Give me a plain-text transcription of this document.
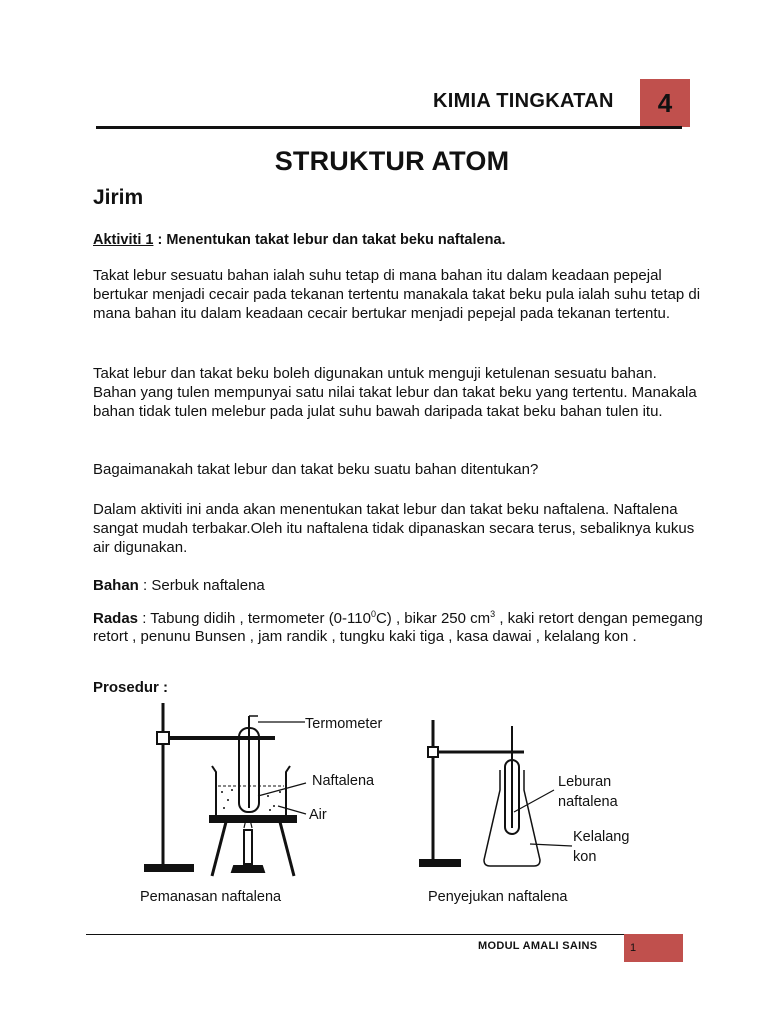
KIMIA TINGKATAN	4
STRUKTUR ATOM
Jirim
Aktiviti 1 : Menentukan takat lebur dan takat beku naftalena.
Takat lebur sesuatu bahan ialah suhu tetap di mana bahan itu dalam keadaan pepejal bertukar menjadi cecair pada tekanan tertentu manakala takat beku pula ialah suhu tetap di mana bahan itu dalam keadaan cecair bertukar menjadi pepejal pada tekanan tertentu.
Takat lebur dan takat beku boleh digunakan untuk menguji ketulenan sesuatu bahan. Bahan yang tulen mempunyai satu nilai takat lebur dan takat beku yang tertentu. Manakala bahan tidak tulen melebur pada julat suhu bawah daripada takat beku bahan tulen itu.
Bagaimanakah takat lebur dan takat beku suatu bahan ditentukan?
Dalam aktiviti ini anda akan menentukan takat lebur dan takat beku naftalena. Naftalena sangat mudah terbakar.Oleh itu naftalena tidak dipanaskan secara terus, sebaliknya kukus air digunakan.
Bahan : Serbuk naftalena
Radas : Tabung didih , termometer $(0-110^0C)$ , bikar 250 $cm^3$ , kaki retort dengan pemegang retort , penunu Bunsen , jam randik , tungku kaki tiga , kasa dawai , kelalang kon .
Prosedur :
Termometer
Naftalena
Air
Leburan naftalena
Kelalang kon
Pemanasan naftalena	Penyejukan naftalena
MODUL AMALI SAINS	1
